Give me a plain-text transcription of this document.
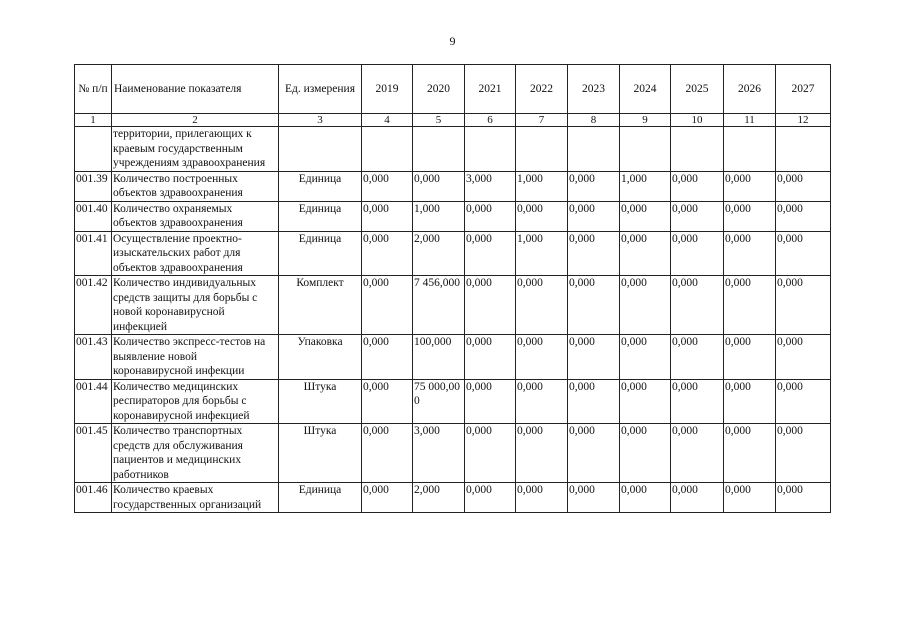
9
№ п/п	Наименование показателя	Ед. измерения	2019	2020	2021	2022	2023	2024	2025	2026	2027
1	2	3	4	5	6	7	8	9	10	11	12
	территории, прилегающих к краевым государственным учреждениям здравоохранения										
001.39	Количество построенных объектов здравоохранения	Единица	0,000	0,000	3,000	1,000	0,000	1,000	0,000	0,000	0,000
001.40	Количество охраняемых объектов здравоохранения	Единица	0,000	1,000	0,000	0,000	0,000	0,000	0,000	0,000	0,000
001.41	Осуществление проектно-изыскательских работ для объектов здравоохранения	Единица	0,000	2,000	0,000	1,000	0,000	0,000	0,000	0,000	0,000
001.42	Количество индивидуальных средств защиты для борьбы с новой коронавирусной инфекцией	Комплект	0,000	7 456,000	0,000	0,000	0,000	0,000	0,000	0,000	0,000
001.43	Количество экспресс-тестов на выявление новой коронавирусной инфекции	Упаковка	0,000	100,000	0,000	0,000	0,000	0,000	0,000	0,000	0,000
001.44	Количество медицинских респираторов для борьбы с коронавирусной инфекцией	Штука	0,000	75 000,000	0,000	0,000	0,000	0,000	0,000	0,000	0,000
001.45	Количество транспортных средств для обслуживания пациентов и медицинских работников	Штука	0,000	3,000	0,000	0,000	0,000	0,000	0,000	0,000	0,000
001.46	Количество краевых государственных организаций	Единица	0,000	2,000	0,000	0,000	0,000	0,000	0,000	0,000	0,000
